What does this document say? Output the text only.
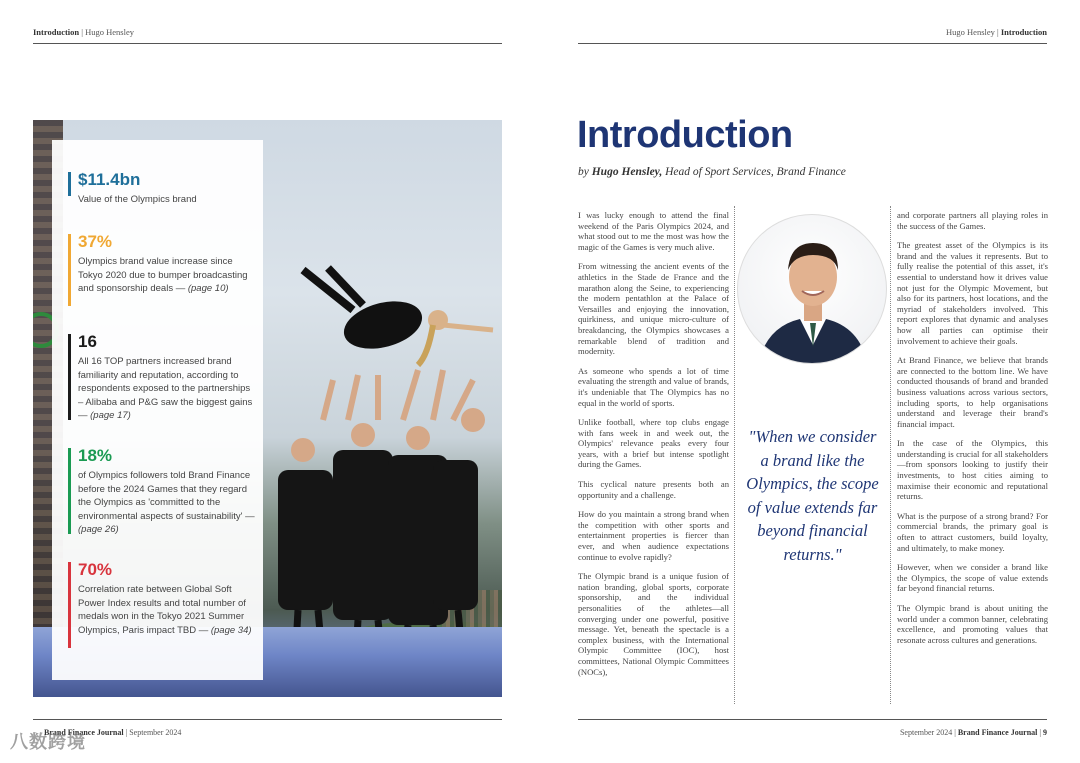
Introduction | Hugo Hensley	Hugo Hensley | Introduction
$11.4bn
Value of the Olympics brand
37%
Olympics brand value increase since Tokyo 2020 due to bumper broadcasting and sponsorship deals — (page 10)
16
All 16 TOP partners increased brand familiarity and reputation, according to respondents exposed to the partnerships – Alibaba and P&G saw the biggest gains — (page 17)
18%
of Olympics followers told Brand Finance before the 2024 Games that they regard the Olympics as 'committed to the environmental aspects of sustainability' — (page 26)
70%
Correlation rate between Global Soft Power Index results and total number of medals won in the Tokyo 2021 Summer Olympics, Paris impact TBD — (page 34)
Introduction
by Hugo Hensley, Head of Sport Services, Brand Finance

I was lucky enough to attend the final weekend of the Paris Olympics 2024, and what stood out to me the most was how the magic of the Games is very much alive.

From witnessing the ancient events of the athletics in the Stade de France and the marathon along the Seine, to experiencing the modern pentathlon at the Palace of Versailles and enjoying the innovation, quirkiness, and unique micro-culture of breakdancing, the Olympics showcases a remarkable blend of tradition and modernity.

As someone who spends a lot of time evaluating the strength and value of brands, it's undeniable that The Olympics has no equal in the world of sports.

Unlike football, where top clubs engage with fans week in and week out, the Olympics' relevance peaks every four years, with a brief but intense spotlight during the Games.

This cyclical nature presents both an opportunity and a challenge.

How do you maintain a strong brand when the competition with other sports and entertainment properties is fiercer than ever, and when audience expectations continue to evolve rapidly?

The Olympic brand is a unique fusion of nation branding, global sports, corporate sponsorship, and the individual personalities of the athletes—all converging under one powerful, positive message. Yet, beneath the spectacle is a complex business, with the International Olympic Committee (IOC), host committees, National Olympic Committees (NOCs),

"When we consider a brand like the Olympics, the scope of value extends far beyond financial returns."

and corporate partners all playing roles in the success of the Games.

The greatest asset of the Olympics is its brand and the values it represents. But to fully realise the potential of this asset, it's essential to understand how it drives value not just for the Olympic Movement, but also for its partners, host locations, and the myriad of stakeholders involved. This report explores that dynamic and analyses how all parties can optimise their involvement to achieve their goals.

At Brand Finance, we believe that brands are connected to the bottom line. We have conducted thousands of brand and branded business valuations across various sectors, including sports, to help organisations understand and leverage their brand's financial impact.

In the case of the Olympics, this understanding is crucial for all stakeholders—from sponsors looking to justify their investments, to host cities aiming to maximise their economic and reputational returns.

What is the purpose of a strong brand? For commercial brands, the primary goal is often to attract customers, build loyalty, and ultimately, to make money.

However, when we consider a brand like the Olympics, the scope of value extends far beyond financial returns.

The Olympic brand is about uniting the world under a common banner, celebrating excellence, and promoting values that resonate across cultures and generations.

Brand Finance Journal | September 2024
八数跨境	September 2024 | Brand Finance Journal | 9
